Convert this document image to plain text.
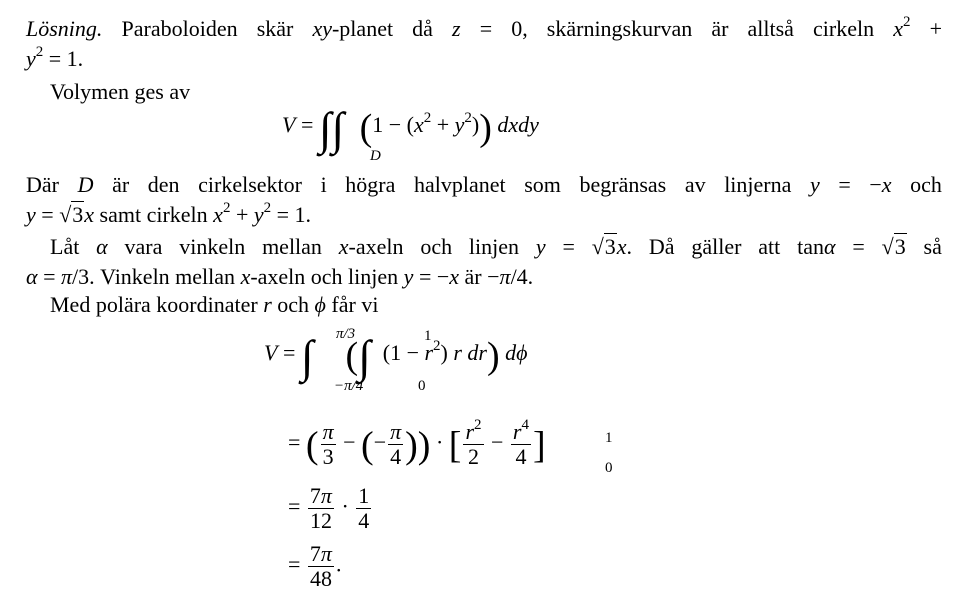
Lösning. Paraboloiden skär xy-planet då z = 0, skärningskurvan är alltså cirkeln $x^2$ +
$y^2 = 1$.
Volymen ges av
V = ∫∫ $(1 - (x^2 + y^2))$ dxdy
D
Där D är den cirkelsektor i högra halvplanet som begränsas av linjerna y = −x och
y = √3x samt cirkeln $x^2 + y^2 = 1$.
Låt α vara vinkeln mellan x-axeln och linjen y = √3x. Då gäller att tanα = √3 så
α = π/3. Vinkeln mellan x-axeln och linjen y = −x är −π/4.
Med polära koordinater r och ϕ får vi
V = ∫ (∫ $(1 - r^2)$ r dr) dϕ
π/3
−π/4
1
0
= ( $\frac{\pi}{3}$ − (− $\frac{\pi}{4}$ )) · [ $\frac{r^2}{2} - \frac{r^4}{4}$ ]	1
0
= $\frac{7\pi}{12} \cdot \frac{1}{4}$
= $\frac{7\pi}{48}$ .
